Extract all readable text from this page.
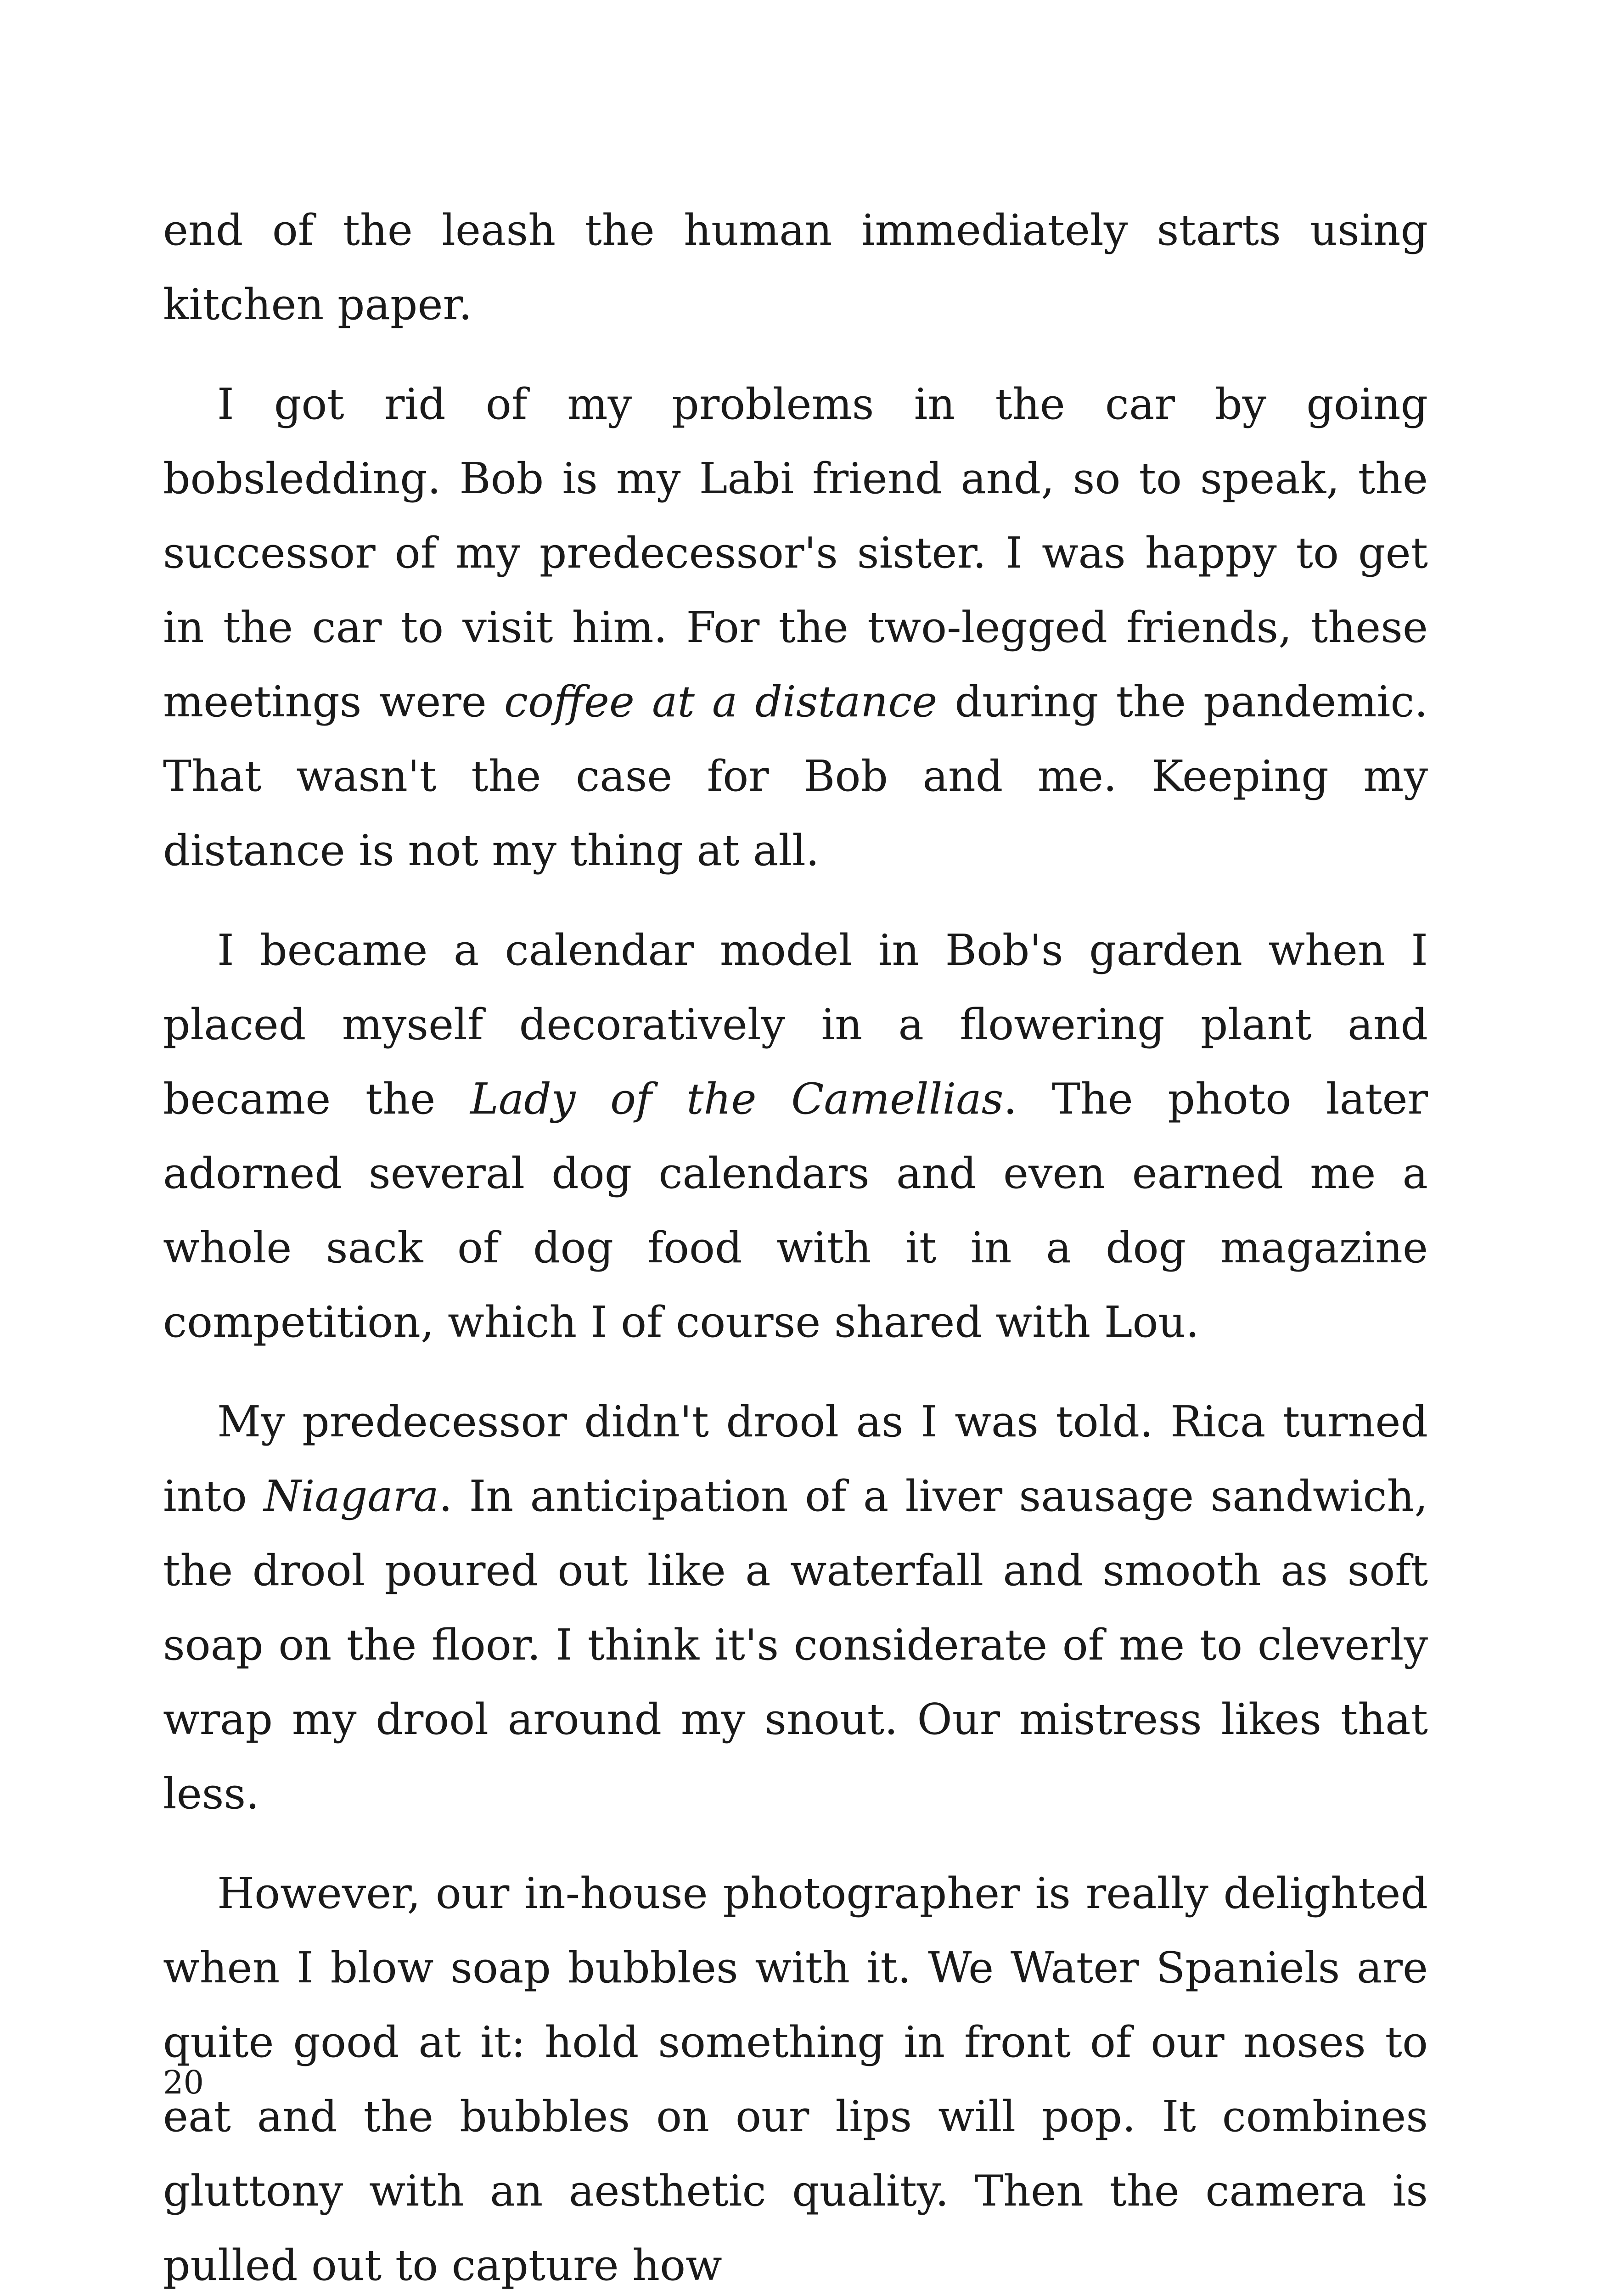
end of the leash the human immediately starts using kitchen paper.

I got rid of my problems in the car by going bobsledding. Bob is my Labi friend and, so to speak, the successor of my predecessor's sister. I was happy to get in the car to visit him. For the two-legged friends, these meetings were coffee at a distance during the pandemic. That wasn't the case for Bob and me. Keeping my distance is not my thing at all.

I became a calendar model in Bob's garden when I placed myself decoratively in a flowering plant and became the Lady of the Camellias. The photo later adorned several dog calendars and even earned me a whole sack of dog food with it in a dog magazine competition, which I of course shared with Lou.

My predecessor didn't drool as I was told. Rica turned into Niagara. In anticipation of a liver sausage sandwich, the drool poured out like a waterfall and smooth as soft soap on the floor. I think it's considerate of me to cleverly wrap my drool around my snout. Our mistress likes that less.

However, our in-house photographer is really delighted when I blow soap bubbles with it. We Water Spaniels are quite good at it: hold something in front of our noses to eat and the bubbles on our lips will pop. It combines gluttony with an aesthetic quality. Then the camera is pulled out to capture how

20
